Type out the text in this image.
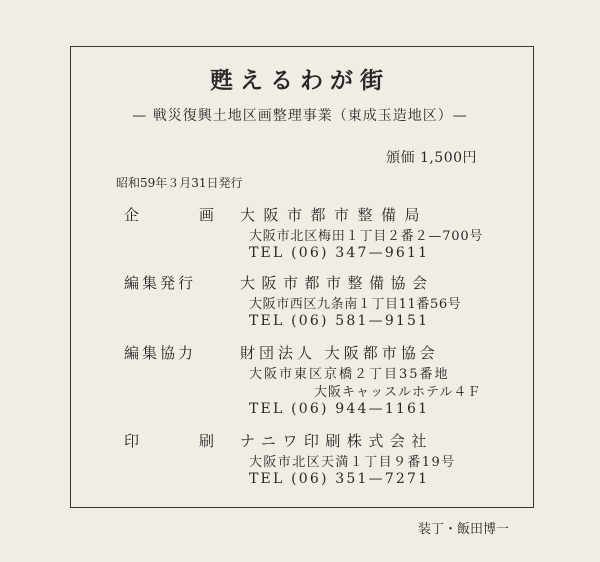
甦えるわが街
— 戦災復興土地区画整理事業（東成玉造地区）—
頒価 1,500円
昭和59年３月31日発行
企	画 大阪市都市整備局
大阪市北区梅田１丁目２番２—700号
TEL (06) 347—9611
編集発行	大阪市都市整備協会
大阪市西区九条南１丁目11番56号
TEL (06) 581—9151
編集協力	財団法人 大阪都市協会
大阪市東区京橋２丁目35番地
大阪キャッスルホテル４Ｆ
TEL (06) 944—1161
印	刷 ナニワ印刷株式会社
大阪市北区天満１丁目９番19号
TEL (06) 351—7271
装丁・飯田博一
